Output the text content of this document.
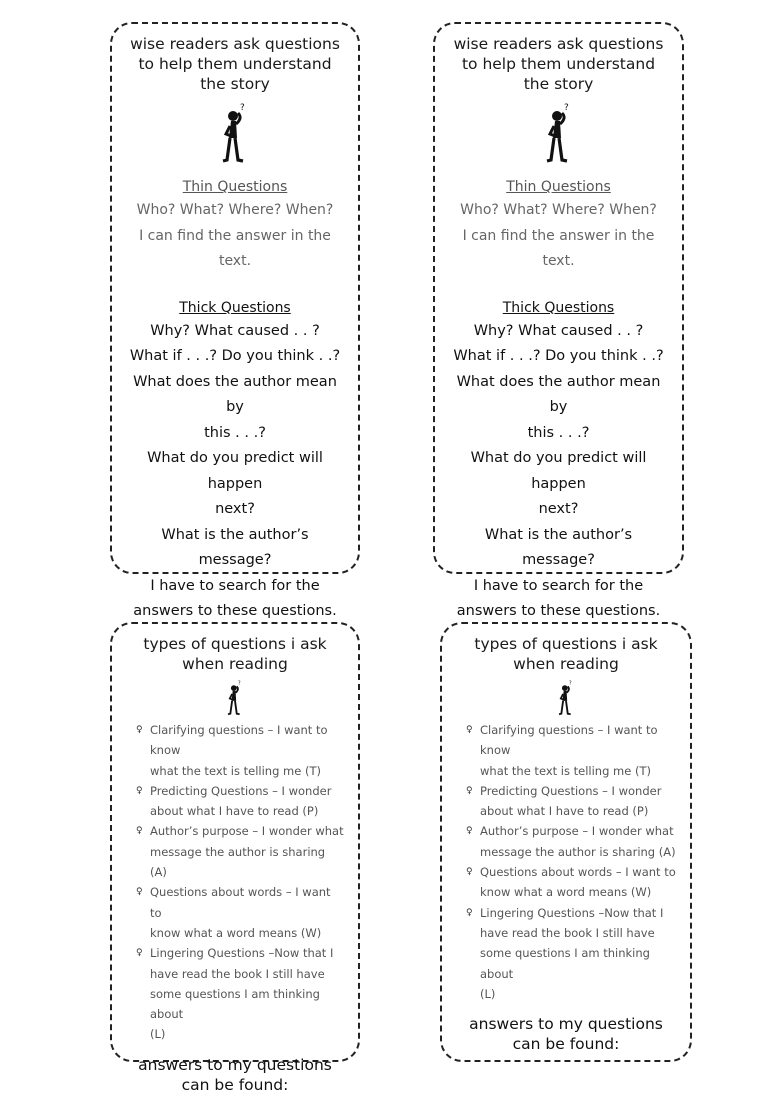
wise readers ask questions to help them understand the story
?
Thin Questions
Who? What? Where? When?
I can find the answer in the
text.
Thick Questions
Why? What caused . . ?
What if . . .? Do you think . .?
What does the author mean by
this . . .?
What do you predict will happen
next?
What is the author’s message?
I have to search for the
answers to these questions.
wise readers ask questions to help them understand the story
?
Thin Questions
Who? What? Where? When?
I can find the answer in the
text.
Thick Questions
Why? What caused . . ?
What if . . .? Do you think . .?
What does the author mean by
this . . .?
What do you predict will happen
next?
What is the author’s message?
I have to search for the
answers to these questions.
types of questions i ask when reading
?
♀ Clarifying questions – I want to know
what the text is telling me (T)
♀ Predicting Questions – I wonder
about what I have to read (P)
♀ Author’s purpose – I wonder what
message the author is sharing (A)
♀ Questions about words – I want to
know what a word means (W)
♀ Lingering Questions –Now that I
have read the book I still have
some questions I am thinking about
(L)
answers to my questions can be found:
types of questions i ask when reading
?
♀ Clarifying questions – I want to know
what the text is telling me (T)
♀ Predicting Questions – I wonder
about what I have to read (P)
♀ Author’s purpose – I wonder what
message the author is sharing (A)
♀ Questions about words – I want to
know what a word means (W)
♀ Lingering Questions –Now that I
have read the book I still have
some questions I am thinking about
(L)
answers to my questions can be found:
